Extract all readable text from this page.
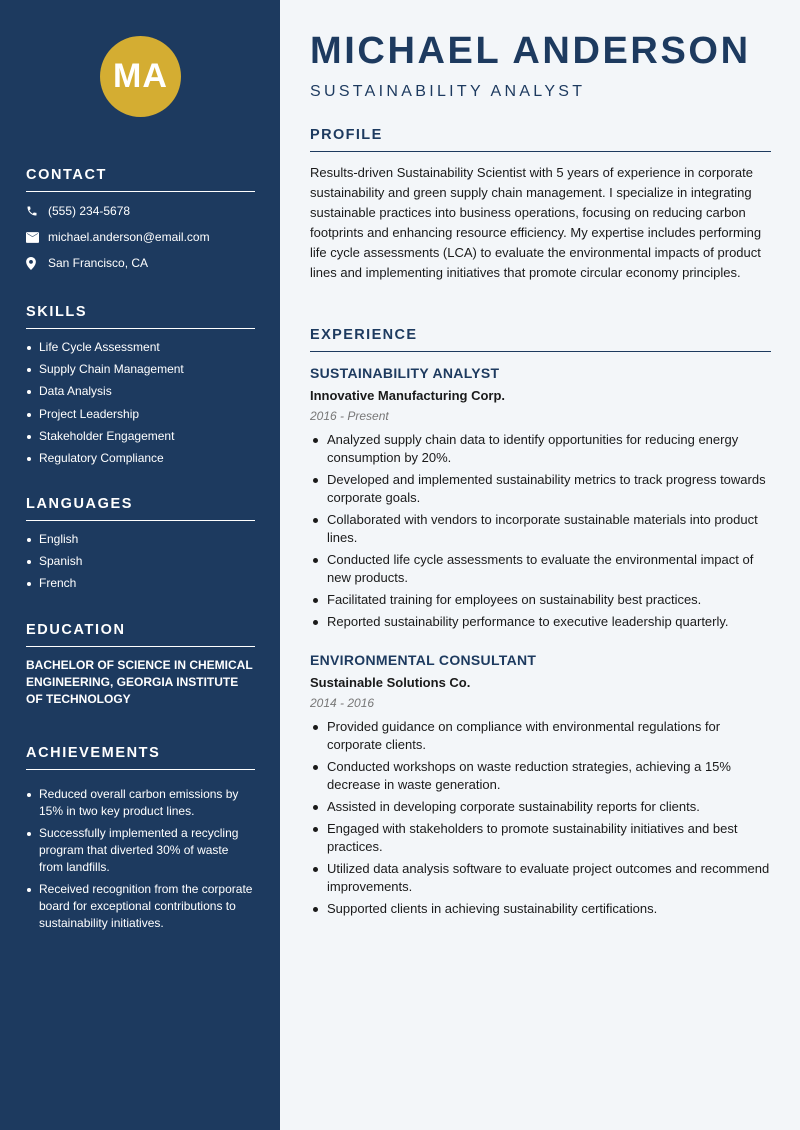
MA
CONTACT
(555) 234-5678
michael.anderson@email.com
San Francisco, CA
SKILLS
Life Cycle Assessment
Supply Chain Management
Data Analysis
Project Leadership
Stakeholder Engagement
Regulatory Compliance
LANGUAGES
English
Spanish
French
EDUCATION

BACHELOR OF SCIENCE IN CHEMICAL ENGINEERING, GEORGIA INSTITUTE OF TECHNOLOGY

ACHIEVEMENTS
Reduced overall carbon emissions by 15% in two key product lines.
Successfully implemented a recycling program that diverted 30% of waste from landfills.
Received recognition from the corporate board for exceptional contributions to sustainability initiatives.
MICHAEL ANDERSON
SUSTAINABILITY ANALYST
PROFILE

Results-driven Sustainability Scientist with 5 years of experience in corporate sustainability and green supply chain management. I specialize in integrating sustainable practices into business operations, focusing on reducing carbon footprints and enhancing resource efficiency. My expertise includes performing life cycle assessments (LCA) to evaluate the environmental impacts of product lines and implementing initiatives that promote circular economy principles.

EXPERIENCE
SUSTAINABILITY ANALYST
Innovative Manufacturing Corp.
2016 - Present
Analyzed supply chain data to identify opportunities for reducing energy consumption by 20%.
Developed and implemented sustainability metrics to track progress towards corporate goals.
Collaborated with vendors to incorporate sustainable materials into product lines.
Conducted life cycle assessments to evaluate the environmental impact of new products.
Facilitated training for employees on sustainability best practices.
Reported sustainability performance to executive leadership quarterly.
ENVIRONMENTAL CONSULTANT
Sustainable Solutions Co.
2014 - 2016
Provided guidance on compliance with environmental regulations for corporate clients.
Conducted workshops on waste reduction strategies, achieving a 15% decrease in waste generation.
Assisted in developing corporate sustainability reports for clients.
Engaged with stakeholders to promote sustainability initiatives and best practices.
Utilized data analysis software to evaluate project outcomes and recommend improvements.
Supported clients in achieving sustainability certifications.
